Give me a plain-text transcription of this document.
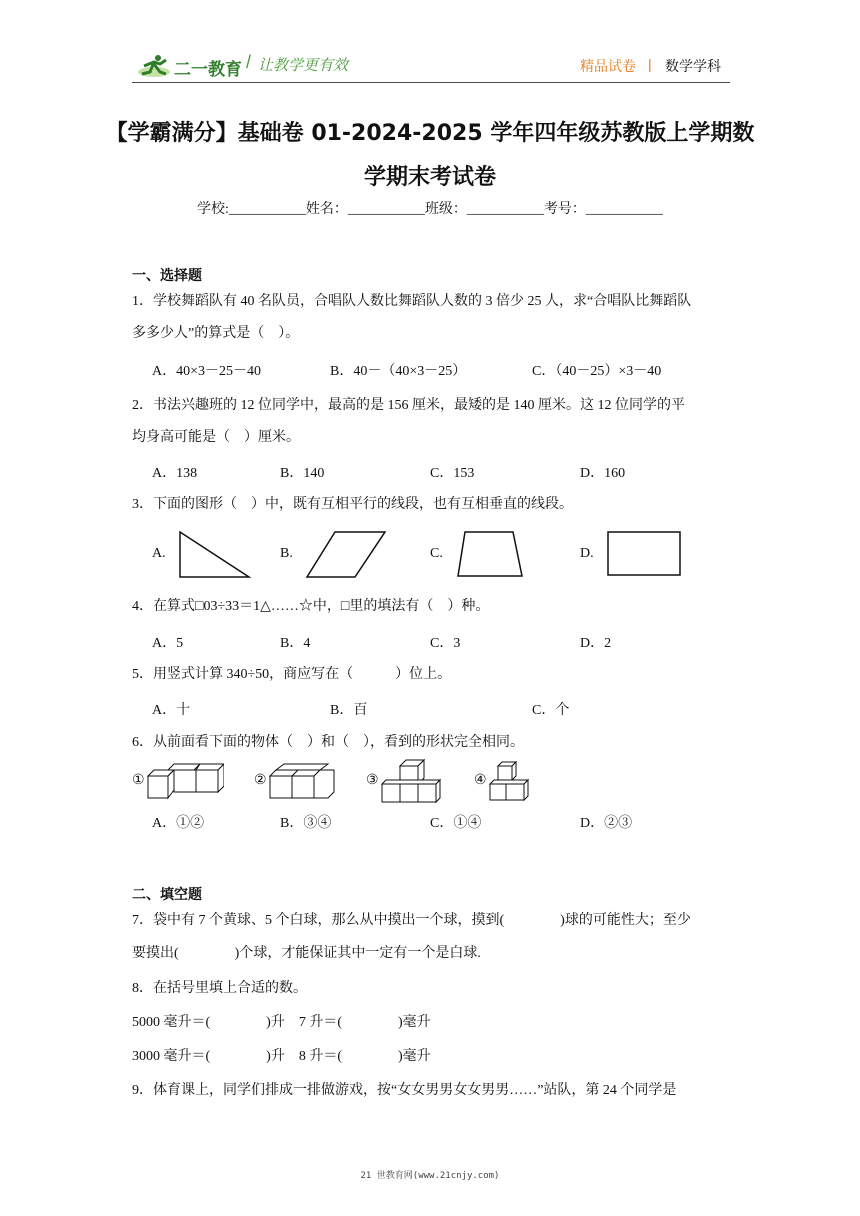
二一教育 / 让教学更有效	精品试卷 | 数学学科
【学霸满分】基础卷 01-2024-2025 学年四年级苏教版上学期数
学期末考试卷
学校:___________姓名：___________班级：___________考号：___________
一、选择题
1．学校舞蹈队有 40 名队员，合唱队人数比舞蹈队人数的 3 倍少 25 人，求“合唱队比舞蹈队
多多少人”的算式是（　）。
A．40×3－25－40	B．40－（40×3－25）	C．（40－25）×3－40
2．书法兴趣班的 12 位同学中，最高的是 156 厘米，最矮的是 140 厘米。这 12 位同学的平
均身高可能是（　）厘米。
A．138	B．140	C．153	D．160
3．下面的图形（　）中，既有互相平行的线段，也有互相垂直的线段。
A.	B.	C.	D.
4．在算式□03÷33＝1△……☆中，□里的填法有（　）种。
A．5	B．4	C．3	D．2
5．用竖式计算 340÷50，商应写在（　　　）位上。
A．十	B．百	C．个
6．从前面看下面的物体（　）和（　），看到的形状完全相同。
①	②	③	④
A．①②	B．③④	C．①④	D．②③
二、填空题
7．袋中有 7 个黄球、5 个白球，那么从中摸出一个球，摸到(　　　　)球的可能性大；至少
要摸出(　　　　)个球，才能保证其中一定有一个是白球.
8．在括号里填上合适的数。
5000 毫升＝(　　　　)升　7 升＝(　　　　)毫升
3000 毫升＝(　　　　)升　8 升＝(　　　　)毫升
9．体育课上，同学们排成一排做游戏，按“女女男男女女男男……”站队，第 24 个同学是
21 世教育网(www.21cnjy.com)
